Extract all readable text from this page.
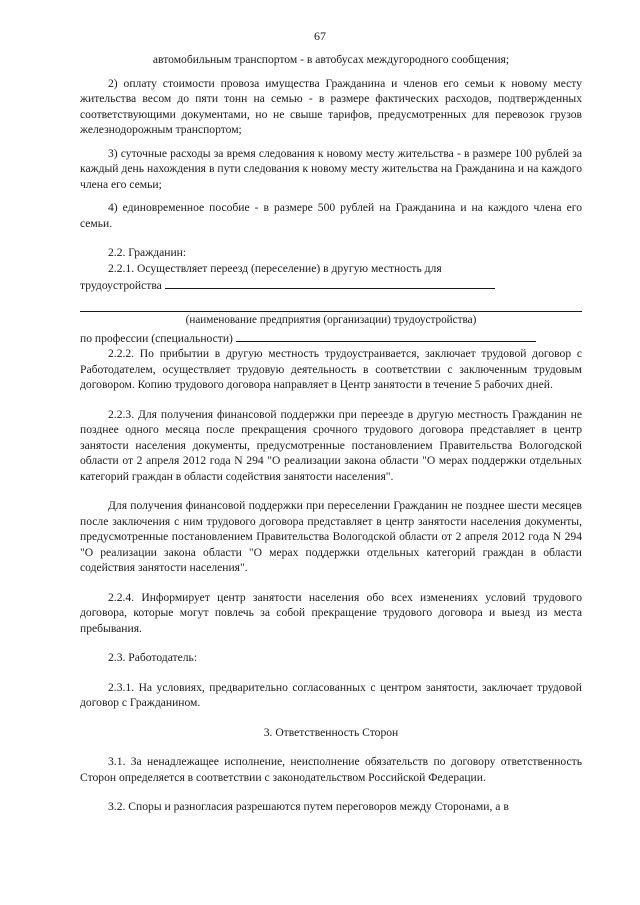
67

автомобильным транспортом - в автобусах междугородного сообщения;

2) оплату стоимости провоза имущества Гражданина и членов его семьи к новому месту жительства весом до пяти тонн на семью - в размере фактических расходов, подтвержденных соответствующими документами, но не свыше тарифов, предусмотренных для перевозок грузов железнодорожным транспортом;

3) суточные расходы за время следования к новому месту жительства - в размере 100 рублей за каждый день нахождения в пути следования к новому месту жительства на Гражданина и на каждого члена его семьи;

4) единовременное пособие - в размере 500 рублей на Гражданина и на каждого члена его семьи.

2.2. Гражданин:

2.2.1. Осуществляет переезд (переселение) в другую местность для

трудоустройства

(наименование предприятия (организации) трудоустройства)

по профессии (специальности)

2.2.2. По прибытии в другую местность трудоустраивается, заключает трудовой договор с Работодателем, осуществляет трудовую деятельность в соответствии с заключенным трудовым договором. Копию трудового договора направляет в Центр занятости в течение 5 рабочих дней.

2.2.3. Для получения финансовой поддержки при переезде в другую местность Гражданин не позднее одного месяца после прекращения срочного трудового договора представляет в центр занятости населения документы, предусмотренные постановлением Правительства Вологодской области от 2 апреля 2012 года N 294 "О реализации закона области "О мерах поддержки отдельных категорий граждан в области содействия занятости населения".

Для получения финансовой поддержки при переселении Гражданин не позднее шести месяцев после заключения с ним трудового договора представляет в центр занятости населения документы, предусмотренные постановлением Правительства Вологодской области от 2 апреля 2012 года N 294 "О реализации закона области "О мерах поддержки отдельных категорий граждан в области содействия занятости населения".

2.2.4. Информирует центр занятости населения обо всех изменениях условий трудового договора, которые могут повлечь за собой прекращение трудового договора и выезд из места пребывания.

2.3. Работодатель:

2.3.1. На условиях, предварительно согласованных с центром занятости, заключает трудовой договор с Гражданином.

3. Ответственность Сторон

3.1. За ненадлежащее исполнение, неисполнение обязательств по договору ответственность Сторон определяется в соответствии с законодательством Российской Федерации.

3.2. Споры и разногласия разрешаются путем переговоров между Сторонами, а в
